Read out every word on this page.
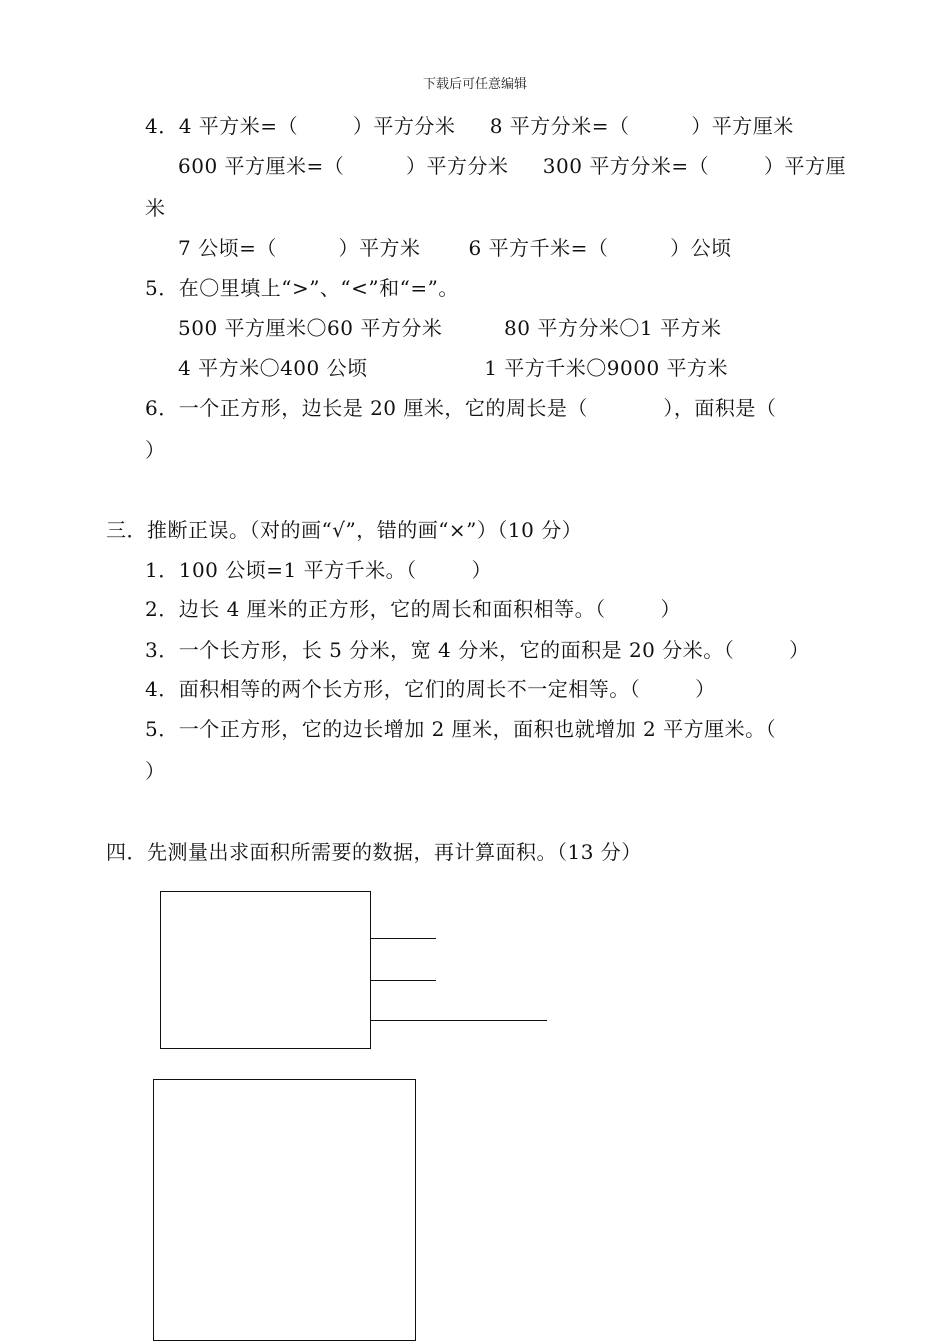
下载后可任意编辑
4．4 平方米=（        ）平方分米     8 平方分米=（         ）平方厘米
600 平方厘米=（         ）平方分米     300 平方分米=（        ）平方厘
米
7 公顷=（         ）平方米       6 平方千米=（         ）公顷
5．在〇里填上“>”、“<”和“=”。
500 平方厘米〇60 平方分米         80 平方分米〇1 平方米
4 平方米〇400 公顷                 1 平方千米〇9000 平方米
6．一个正方形，边长是 20 厘米，它的周长是（           ），面积是（
）
三．推断正误。（对的画“√”，错的画“×”）（10 分）
1．100 公顷=1 平方千米。（        ）
2．边长 4 厘米的正方形，它的周长和面积相等。（        ）
3．一个长方形，长 5 分米，宽 4 分米，它的面积是 20 分米。（        ）
4．面积相等的两个长方形，它们的周长不一定相等。（        ）
5．一个正方形，它的边长增加 2 厘米，面积也就增加 2 平方厘米。（
）
四．先测量出求面积所需要的数据，再计算面积。（13 分）
